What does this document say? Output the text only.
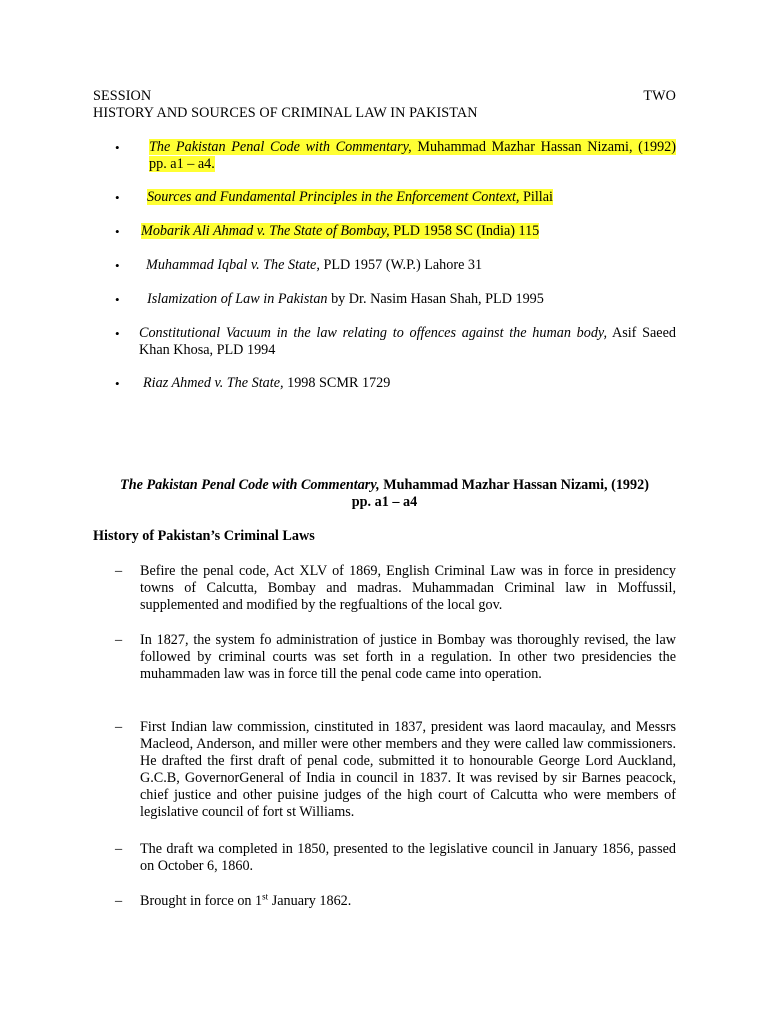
SESSION	TWO
HISTORY AND SOURCES OF CRIMINAL LAW IN PAKISTAN
•	The Pakistan Penal Code with Commentary, Muhammad Mazhar Hassan Nizami, (1992) pp. a1 – a4.
•	Sources and Fundamental Principles in the Enforcement Context, Pillai
•	Mobarik Ali Ahmad v. The State of Bombay, PLD 1958 SC (India) 115
•	Muhammad Iqbal v. The State, PLD 1957 (W.P.) Lahore 31
•	Islamization of Law in Pakistan by Dr. Nasim Hasan Shah, PLD 1995
•	Constitutional Vacuum in the law relating to offences against the human body, Asif Saeed Khan Khosa, PLD 1994
•	Riaz Ahmed v. The State, 1998 SCMR 1729
The Pakistan Penal Code with Commentary, Muhammad Mazhar Hassan Nizami, (1992)
pp. a1 – a4
History of Pakistan’s Criminal Laws
–	Befire the penal code, Act XLV of 1869, English Criminal Law was in force in presidency towns of Calcutta, Bombay and madras. Muhammadan Criminal law in Moffussil, supplemented and modified by the regfualtions of the local gov.
–	In 1827, the system fo administration of justice in Bombay was thoroughly revised, the law followed by criminal courts was set forth in a regulation. In other two presidencies the muhammaden law was in force till the penal code came into operation.
–	First Indian law commission, cinstituted in 1837, president was laord macaulay, and Messrs Macleod, Anderson, and miller were other members and they were called law commissioners. He drafted the first draft of penal code, submitted it to honourable George Lord Auckland, G.C.B, GovernorGeneral of India in council in 1837. It was revised by sir Barnes peacock, chief justice and other puisine judges of the high court of Calcutta who were members of legislative council of fort st Williams.
–	The draft wa completed in 1850, presented to the legislative council in January 1856, passed on October 6, 1860.
–	Brought in force on 1st January 1862.
